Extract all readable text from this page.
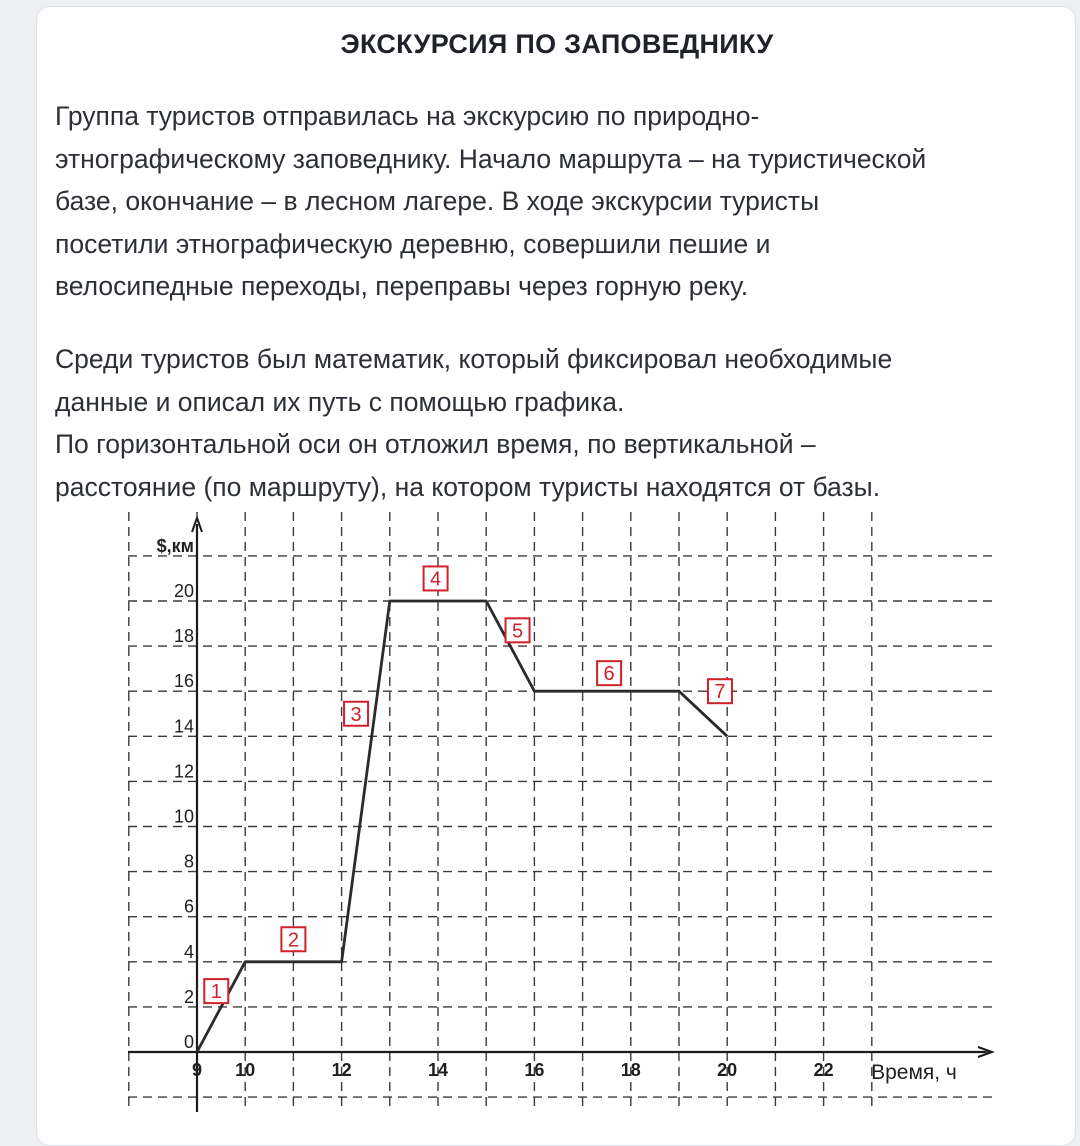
ЭКСКУРСИЯ ПО ЗАПОВЕДНИКУ

Группа туристов отправилась на экскурсию по природно-
этнографическому заповеднику. Начало маршрута – на туристической
базе, окончание – в лесном лагере. В ходе экскурсии туристы
посетили этнографическую деревню, совершили пешие и
велосипедные переходы, переправы через горную реку.

Среди туристов был математик, который фиксировал необходимые
данные и описал их путь с помощью графика.
По горизонтальной оси он отложил время, по вертикальной –
расстояние (по маршруту), на котором туристы находятся от базы.

0
2
4
6
8
10
12
14
16
18
20
9 10	12	14	16	18	20	22
$,км
Время, ч
1
2
3
4
5
6
7
